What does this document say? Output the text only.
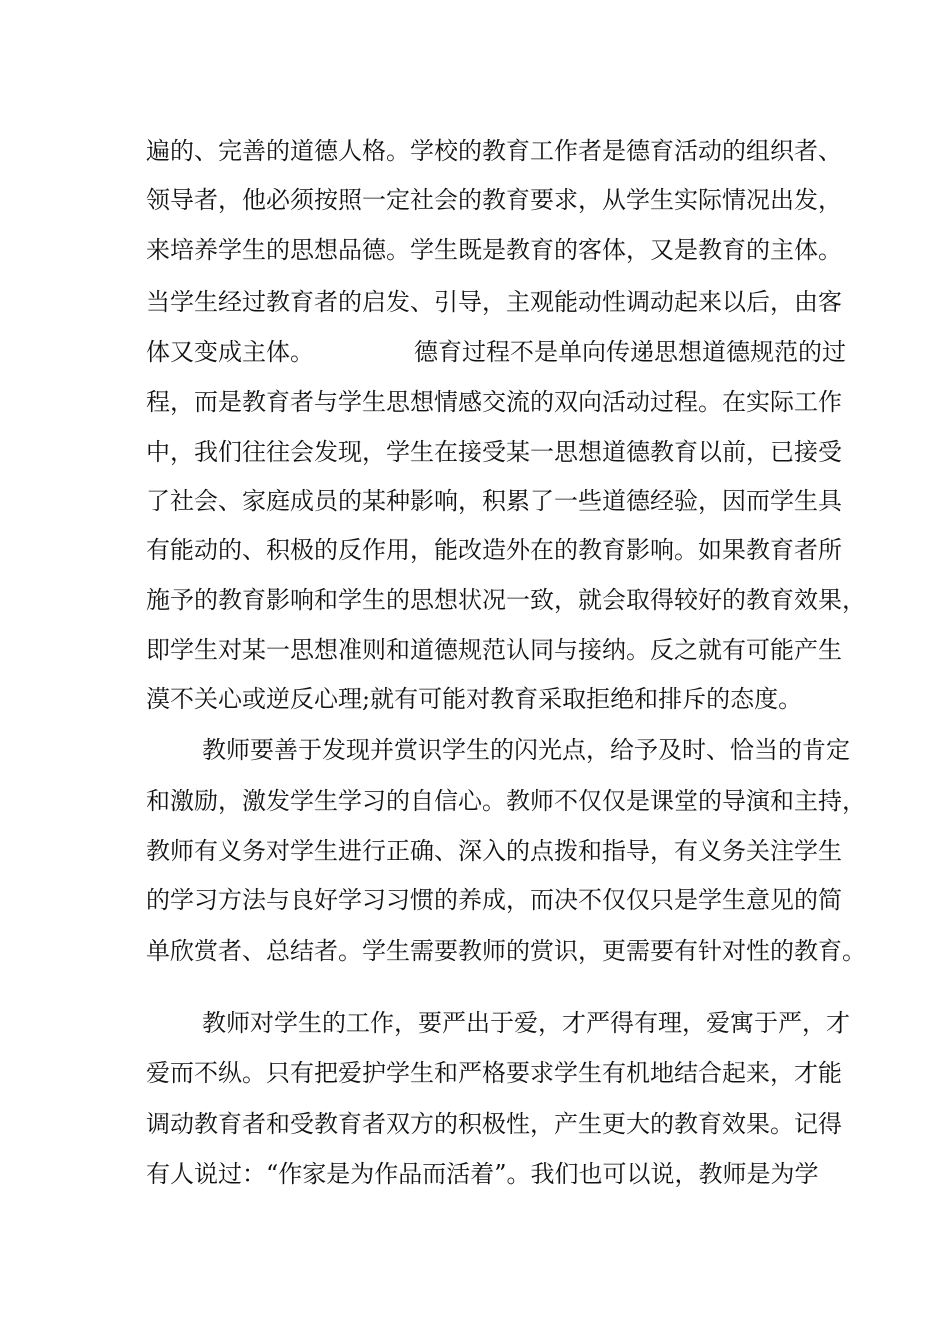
遍的、完善的道德人格。学校的教育工作者是德育活动的组织者、
领导者，他必须按照一定社会的教育要求，从学生实际情况出发，
来培养学生的思想品德。学生既是教育的客体，又是教育的主体。
当学生经过教育者的启发、引导，主观能动性调动起来以后，由客
体又变成主体。	德育过程不是单向传递思想道德规范的过
程，而是教育者与学生思想情感交流的双向活动过程。在实际工作
中，我们往往会发现，学生在接受某一思想道德教育以前，已接受
了社会、家庭成员的某种影响，积累了一些道德经验，因而学生具
有能动的、积极的反作用，能改造外在的教育影响。如果教育者所
施予的教育影响和学生的思想状况一致，就会取得较好的教育效果，
即学生对某一思想准则和道德规范认同与接纳。反之就有可能产生
漠不关心或逆反心理;就有可能对教育采取拒绝和排斥的态度。
教师要善于发现并赏识学生的闪光点，给予及时、恰当的肯定
和激励，激发学生学习的自信心。教师不仅仅是课堂的导演和主持，
教师有义务对学生进行正确、深入的点拨和指导，有义务关注学生
的学习方法与良好学习习惯的养成，而决不仅仅只是学生意见的简
单欣赏者、总结者。学生需要教师的赏识，更需要有针对性的教育。
教师对学生的工作，要严出于爱，才严得有理，爱寓于严，才
爱而不纵。只有把爱护学生和严格要求学生有机地结合起来，才能
调动教育者和受教育者双方的积极性，产生更大的教育效果。记得
有人说过：“作家是为作品而活着”。我们也可以说，教师是为学
